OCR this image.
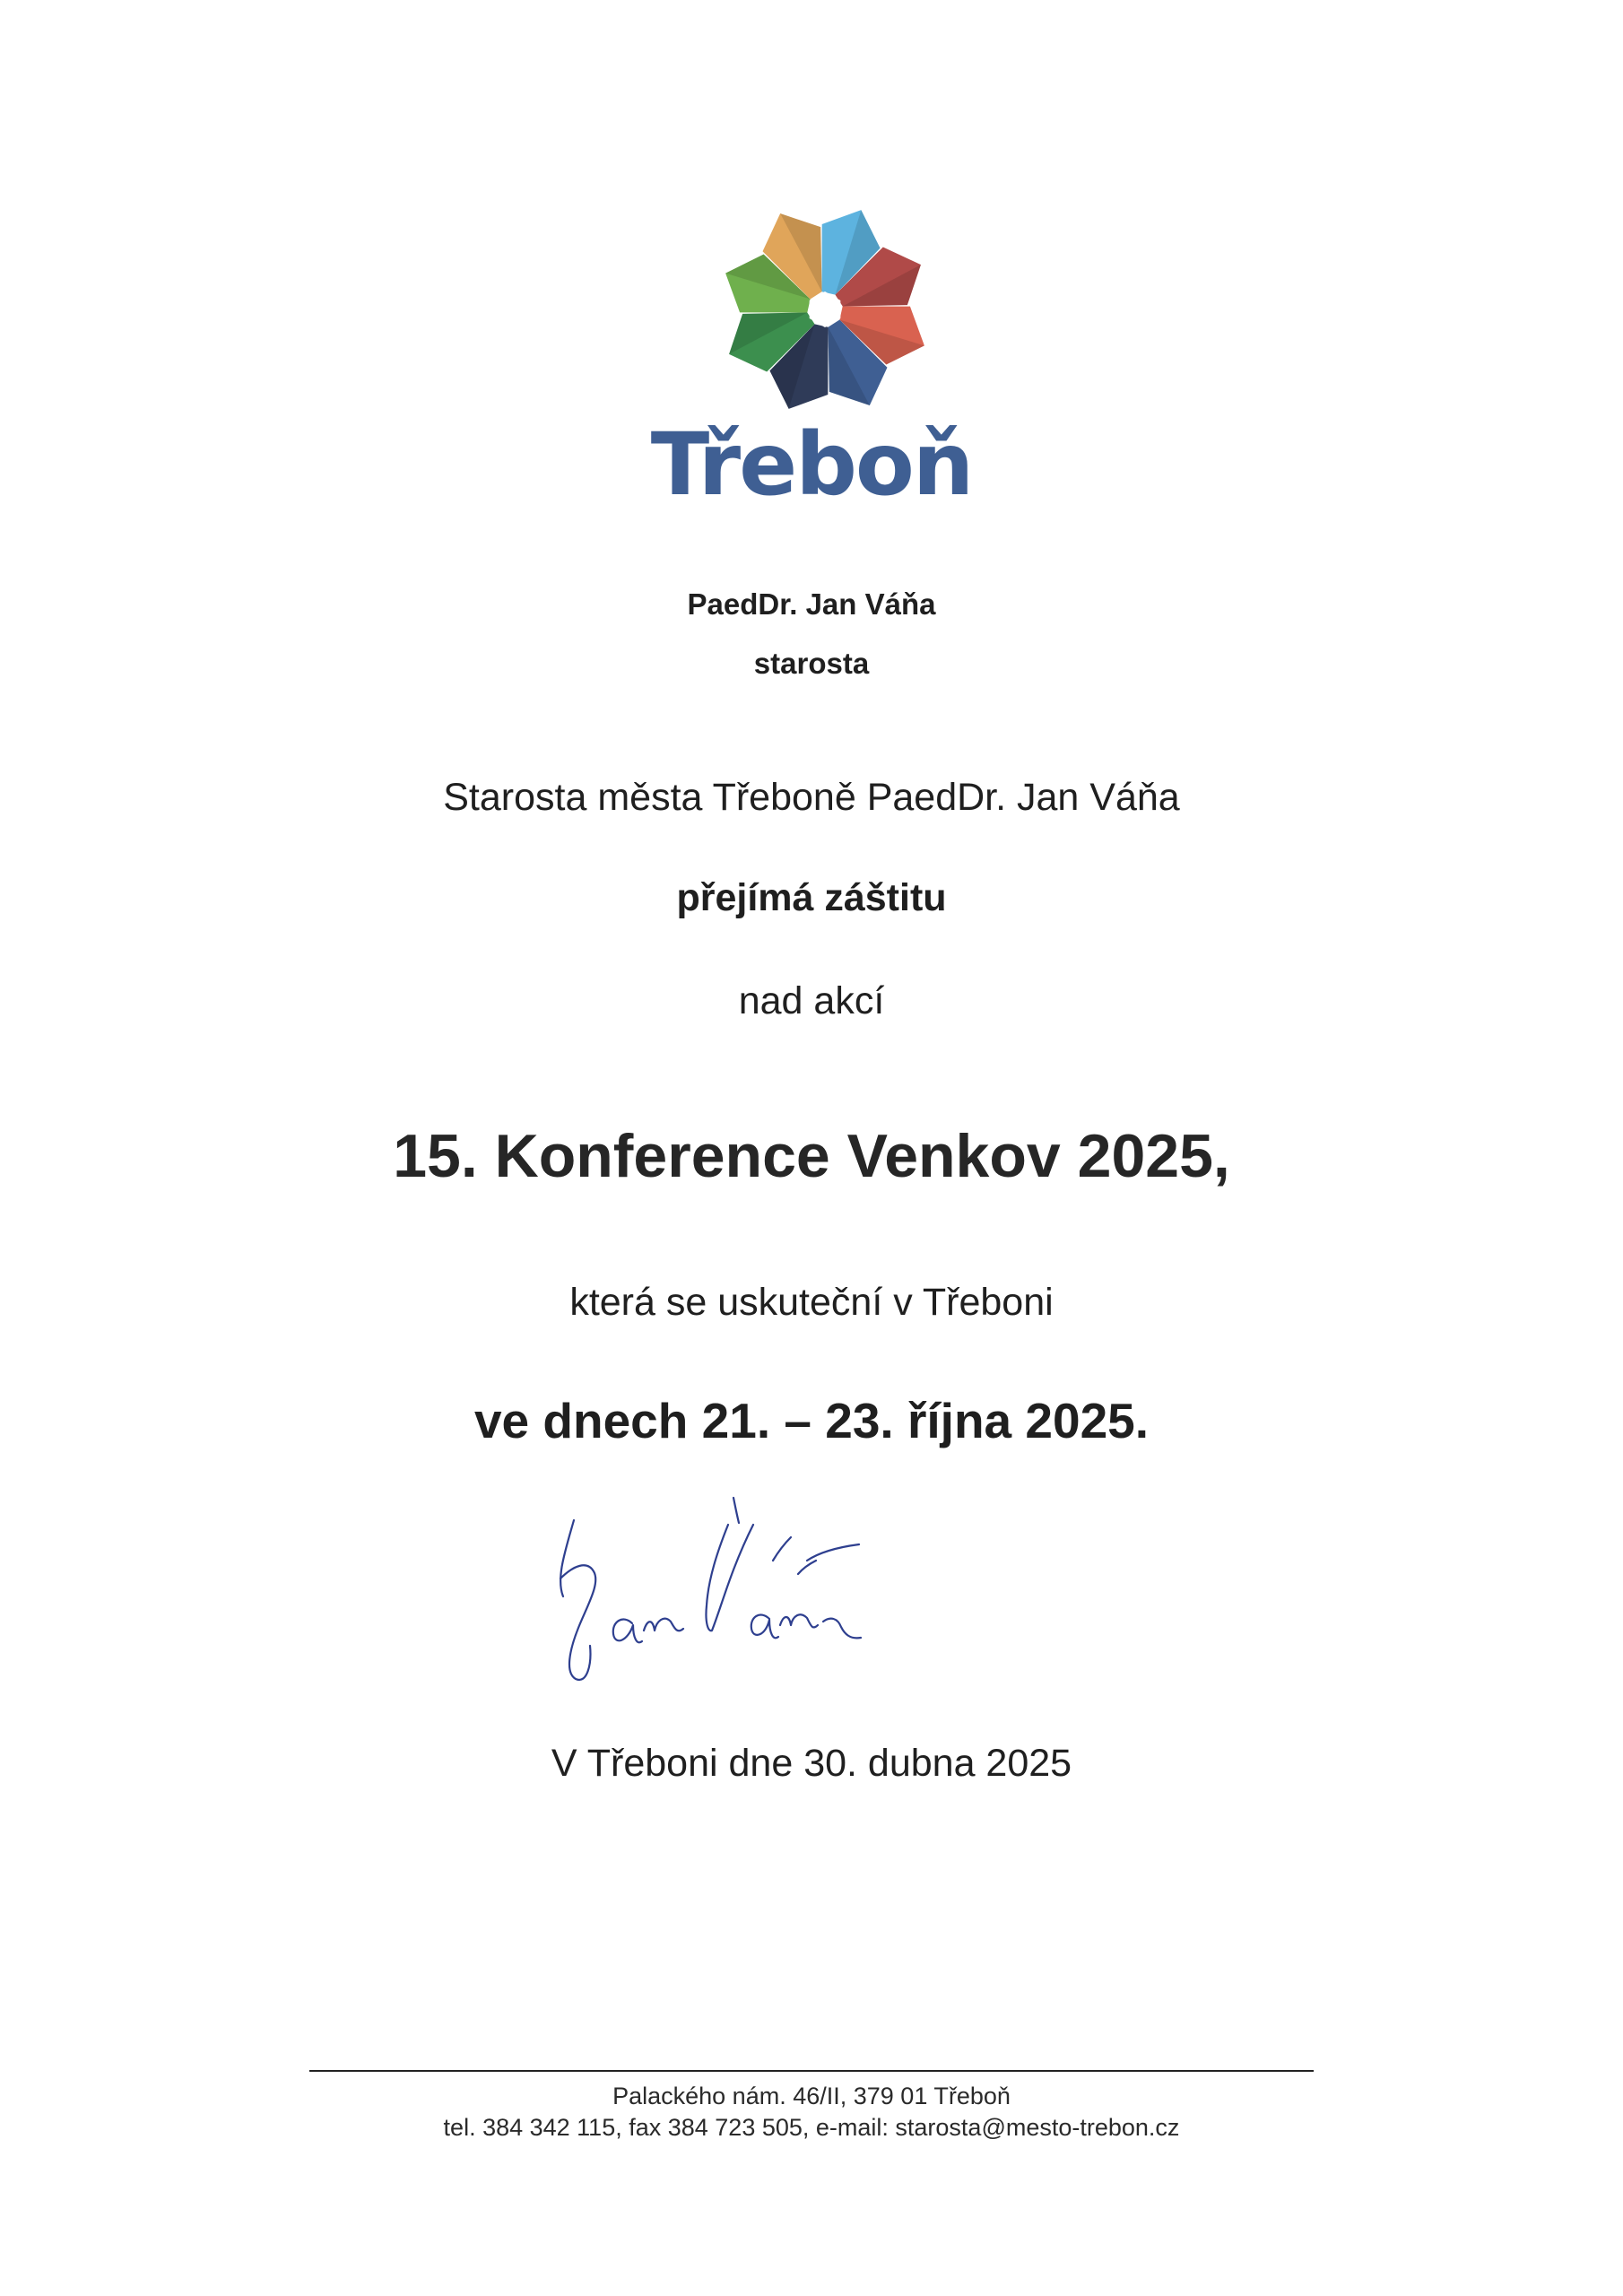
Třeboň
PaedDr. Jan Váňa
starosta
Starosta města Třeboně PaedDr. Jan Váňa
přejímá záštitu
nad akcí
15. Konference Venkov 2025,
která se uskuteční v Třeboni
ve dnech 21. – 23. října 2025.
V Třeboni dne 30. dubna 2025
Palackého nám. 46/II, 379 01 Třeboň
tel. 384 342 115, fax 384 723 505, e-mail: starosta@mesto-trebon.cz
